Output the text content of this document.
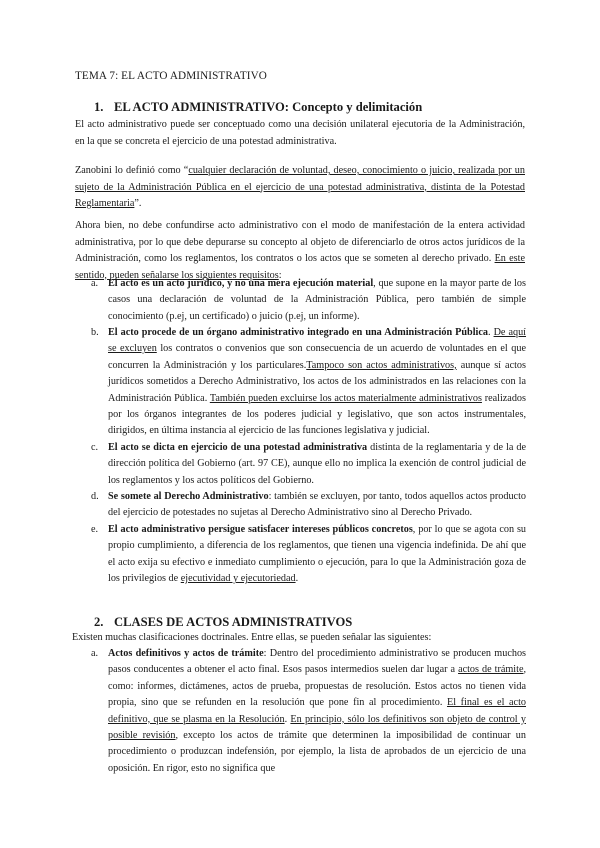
TEMA 7: EL ACTO ADMINISTRATIVO
1. EL ACTO ADMINISTRATIVO: Concepto y delimitación
El acto administrativo puede ser conceptuado como una decisión unilateral ejecutoria de la Administración, en la que se concreta el ejercicio de una potestad administrativa.
Zanobini lo definió como “cualquier declaración de voluntad, deseo, conocimiento o juicio, realizada por un sujeto de la Administración Pública en el ejercicio de una potestad administrativa, distinta de la Potestad Reglamentaria”.
Ahora bien, no debe confundirse acto administrativo con el modo de manifestación de la entera actividad administrativa, por lo que debe depurarse su concepto al objeto de diferenciarlo de otros actos jurídicos de la Administración, como los reglamentos, los contratos o los actos que se someten al derecho privado. En este sentido, pueden señalarse los siguientes requisitos:
a. El acto es un acto jurídico, y no una mera ejecución material, que supone en la mayor parte de los casos una declaración de voluntad de la Administración Pública, pero también de simple conocimiento (p.ej, un certificado) o juicio (p.ej, un informe).
b. El acto procede de un órgano administrativo integrado en una Administración Pública. De aquí se excluyen los contratos o convenios que son consecuencia de un acuerdo de voluntades en el que concurren la Administración y los particulares.Tampoco son actos administrativos, aunque sí actos jurídicos sometidos a Derecho Administrativo, los actos de los administrados en las relaciones con la Administración Pública. También pueden excluirse los actos materialmente administrativos realizados por los órganos integrantes de los poderes judicial y legislativo, que son actos instrumentales, dirigidos, en última instancia al ejercicio de las funciones legislativa y judicial.
c. El acto se dicta en ejercicio de una potestad administrativa distinta de la reglamentaria y de la de dirección política del Gobierno (art. 97 CE), aunque ello no implica la exención de control judicial de los reglamentos y los actos políticos del Gobierno.
d. Se somete al Derecho Administrativo: también se excluyen, por tanto, todos aquellos actos producto del ejercicio de potestades no sujetas al Derecho Administrativo sino al Derecho Privado.
e. El acto administrativo persigue satisfacer intereses públicos concretos, por lo que se agota con su propio cumplimiento, a diferencia de los reglamentos, que tienen una vigencia indefinida. De ahí que el acto exija su efectivo e inmediato cumplimiento o ejecución, para lo que la Administración goza de los privilegios de ejecutividad y ejecutoriedad.
2. CLASES DE ACTOS ADMINISTRATIVOS
Existen muchas clasificaciones doctrinales. Entre ellas, se pueden señalar las siguientes:
a. Actos definitivos y actos de trámite: Dentro del procedimiento administrativo se producen muchos pasos conducentes a obtener el acto final. Esos pasos intermedios suelen dar lugar a actos de trámite, como: informes, dictámenes, actos de prueba, propuestas de resolución. Estos actos no tienen vida propia, sino que se refunden en la resolución que pone fin al procedimiento. El final es el acto definitivo, que se plasma en la Resolución. En principio, sólo los definitivos son objeto de control y posible revisión, excepto los actos de trámite que determinen la imposibilidad de continuar un procedimiento o produzcan indefensión, por ejemplo, la lista de aprobados de un ejercicio de una oposición. En rigor, esto no significa que
